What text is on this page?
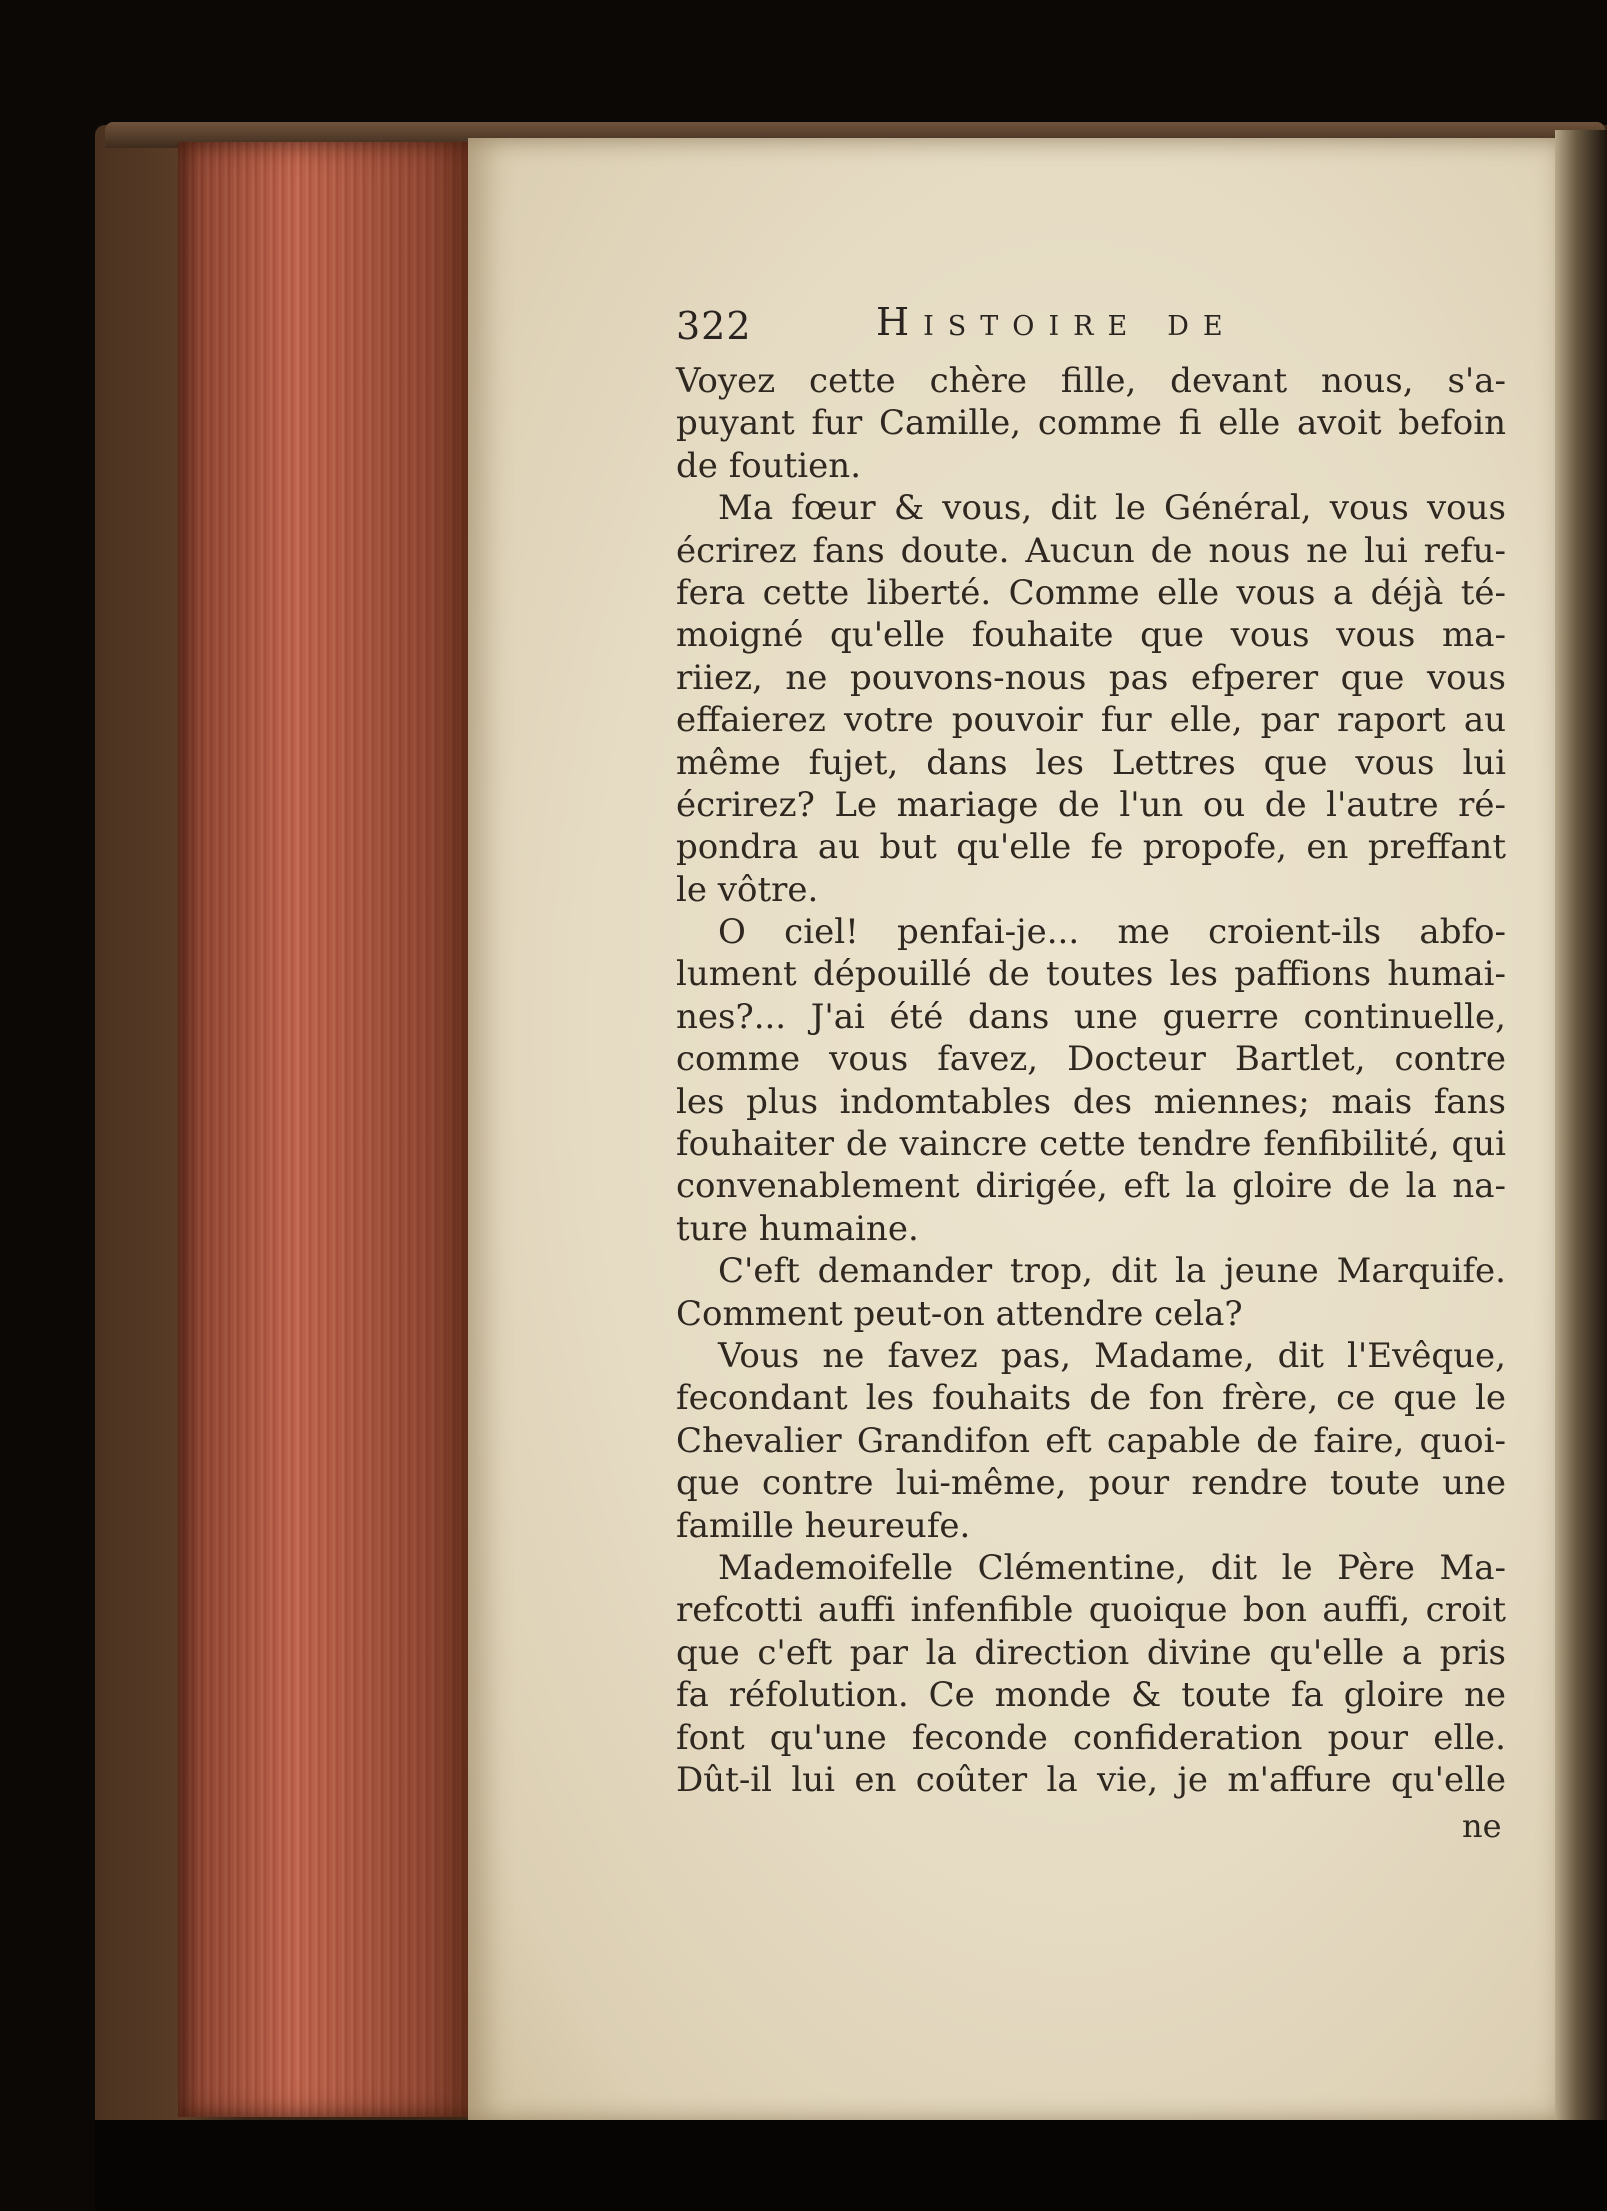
322	Histoire de
Voyez cette chère fille, devant nous, s'a-
puyant fur Camille, comme fi elle avoit befoin
de foutien.
Ma fœur & vous, dit le Général, vous vous
écrirez fans doute. Aucun de nous ne lui refu-
fera cette liberté. Comme elle vous a déjà té-
moigné qu'elle fouhaite que vous vous ma-
riiez, ne pouvons-nous pas efperer que vous
effaierez votre pouvoir fur elle, par raport au
même fujet, dans les Lettres que vous lui
écrirez? Le mariage de l'un ou de l'autre ré-
pondra au but qu'elle fe propofe, en preffant
le vôtre.
O ciel! penfai-je... me croient-ils abfo-
lument dépouillé de toutes les paffions humai-
nes?... J'ai été dans une guerre continuelle,
comme vous favez, Docteur Bartlet, contre
les plus indomtables des miennes; mais fans
fouhaiter de vaincre cette tendre fenfibilité, qui
convenablement dirigée, eft la gloire de la na-
ture humaine.
C'eft demander trop, dit la jeune Marquife.
Comment peut-on attendre cela?
Vous ne favez pas, Madame, dit l'Evêque,
fecondant les fouhaits de fon frère, ce que le
Chevalier Grandifon eft capable de faire, quoi-
que contre lui-même, pour rendre toute une
famille heureufe.
Mademoifelle Clémentine, dit le Père Ma-
refcotti auffi infenfible quoique bon auffi, croit
que c'eft par la direction divine qu'elle a pris
fa réfolution. Ce monde & toute fa gloire ne
font qu'une feconde confideration pour elle.
Dût-il lui en coûter la vie, je m'affure qu'elle
ne
